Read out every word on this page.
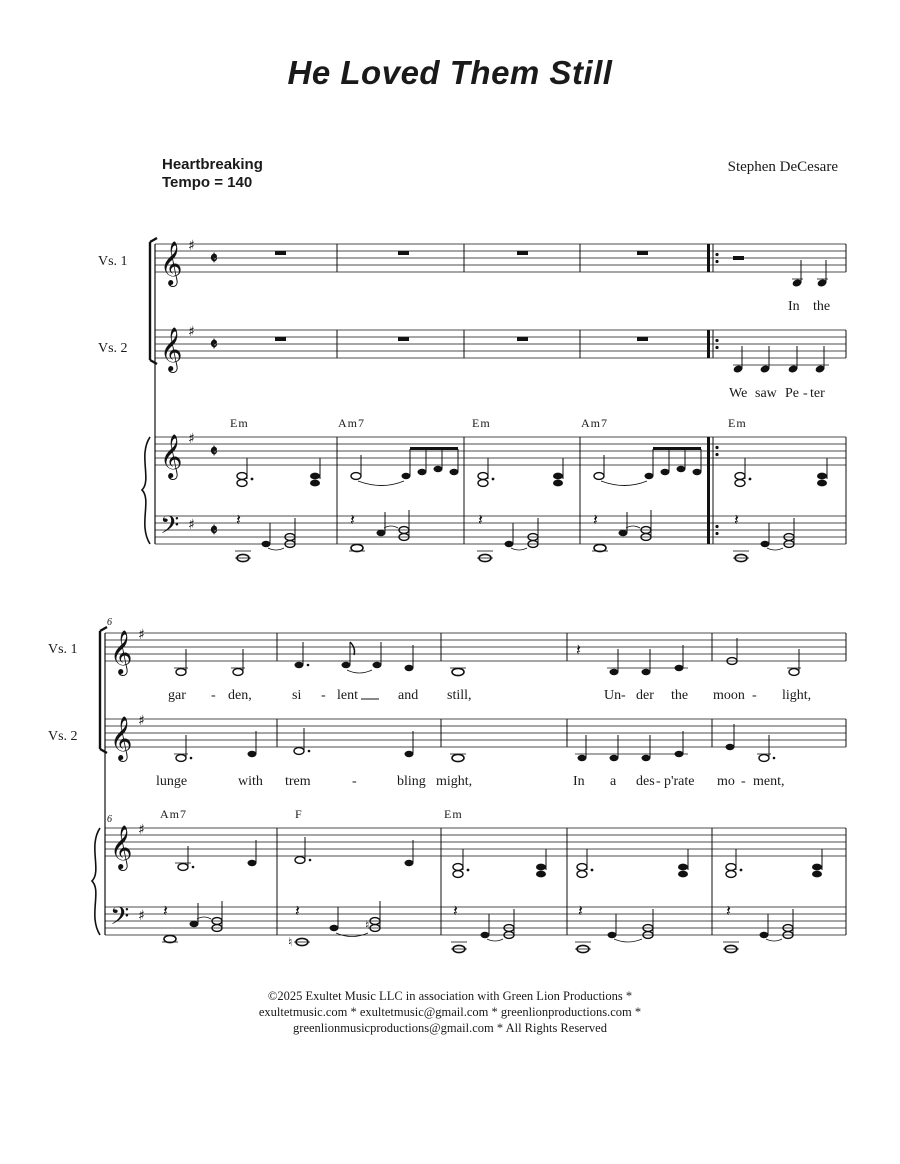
He Loved Them Still
Heartbreaking
Tempo = 140
Stephen DeCesare
Vs. 1
Vs. 2
𝄞
𝄞
𝄞
𝄢
♯
♯
♯
♯
𝄵
𝄵
𝄵
𝄵
In the
We saw Pe - ter
Em	Am7	Em	Am7	Em
𝄽	𝄽	𝄽	𝄽	𝄽
Vs. 1
Vs. 2
6
6
𝄞
𝄞
𝄞
𝄢
♯
♯
♯
♯
𝄽
gar - den,	si - lent	and still,	Un - der the moon - light,
lunge	with trem	-	bling might,	In a des - p'rate mo - ment,
Am7	F	Em
𝄽	𝄽	𝄽	𝄽	𝄽
♮
♮
©2025 Exultet Music LLC in association with Green Lion Productions *
exultetmusic.com * exultetmusic@gmail.com * greenlionproductions.com *
greenlionmusicproductions@gmail.com * All Rights Reserved
